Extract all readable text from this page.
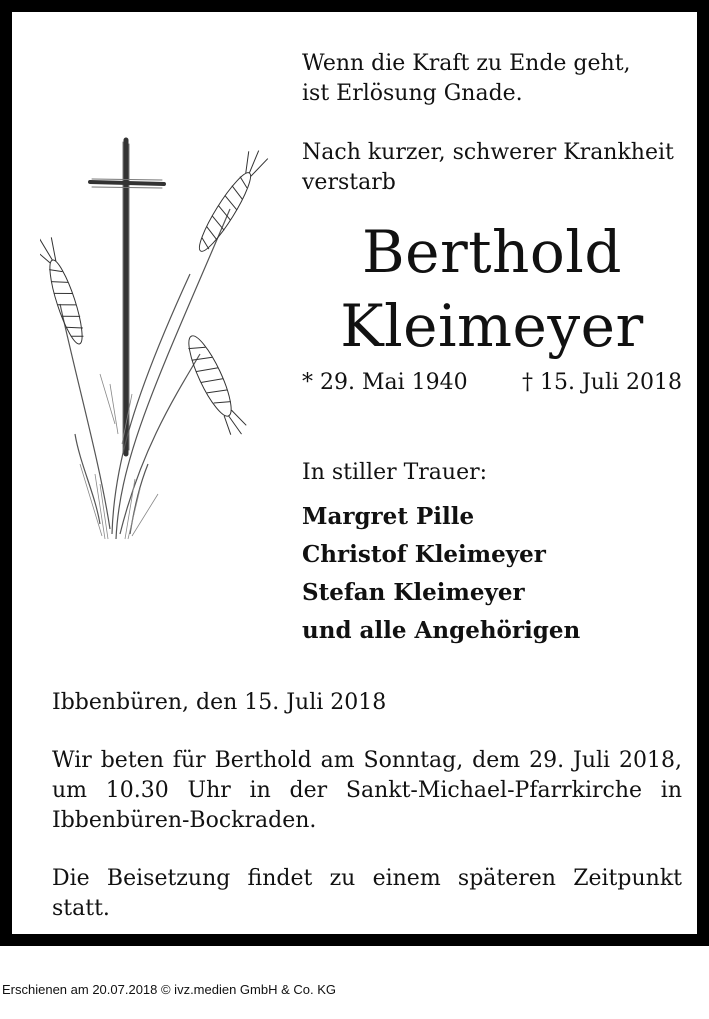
Wenn die Kraft zu Ende geht,
ist Erlösung Gnade.
Nach kurzer, schwerer Krankheit
verstarb
Berthold
Kleimeyer
* 29. Mai 1940 † 15. Juli 2018
In stiller Trauer:
Margret Pille
Christof Kleimeyer
Stefan Kleimeyer
und alle Angehörigen
Ibbenbüren, den 15. Juli 2018
Wir beten für Berthold am Sonntag, dem 29. Juli 2018, um 10.30 Uhr in der Sankt-Michael-Pfarrkirche in Ibbenbüren-Bockraden.
Die Beisetzung findet zu einem späteren Zeitpunkt statt.
Erschienen am 20.07.2018 © ivz.medien GmbH & Co. KG
